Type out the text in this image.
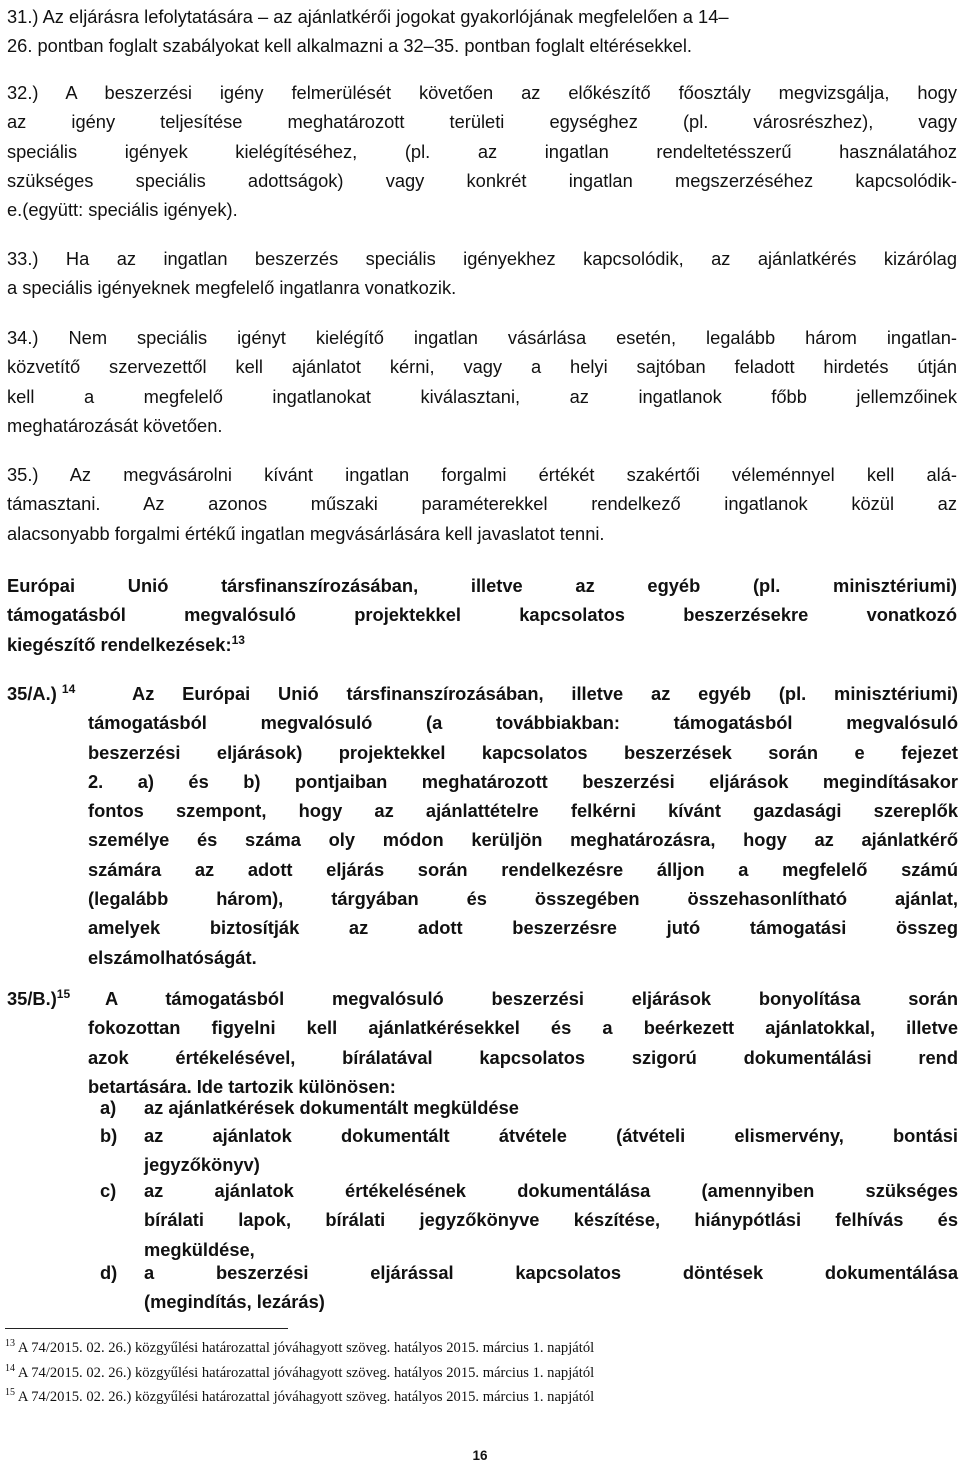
31.) Az eljárásra lefolytatására – az ajánlatkérői jogokat gyakorlójának megfelelően a 14–
26. pontban foglalt szabályokat kell alkalmazni a 32–35. pontban foglalt eltérésekkel.
32.) A beszerzési igény felmerülését követően az előkészítő főosztály megvizsgálja, hogy
az igény teljesítése meghatározott területi egységhez (pl. városrészhez), vagy
speciális igények kielégítéséhez, (pl. az ingatlan rendeltetésszerű használatához
szükséges speciális adottságok) vagy konkrét ingatlan megszerzéséhez kapcsolódik-
e.(együtt: speciális igények).
33.) Ha az ingatlan beszerzés speciális igényekhez kapcsolódik, az ajánlatkérés kizárólag
a speciális igényeknek megfelelő ingatlanra vonatkozik.
34.) Nem speciális igényt kielégítő ingatlan vásárlása esetén, legalább három ingatlan-
közvetítő szervezettől kell ajánlatot kérni, vagy a helyi sajtóban feladott hirdetés útján
kell a megfelelő ingatlanokat kiválasztani, az ingatlanok főbb jellemzőinek
meghatározását követően.
35.) Az megvásárolni kívánt ingatlan forgalmi értékét szakértői véleménnyel kell alá-
támasztani. Az azonos műszaki paraméterekkel rendelkező ingatlanok közül az
alacsonyabb forgalmi értékű ingatlan megvásárlására kell javaslatot tenni.
Európai Unió társfinanszírozásában, illetve az egyéb (pl. minisztériumi)
támogatásból megvalósuló projektekkel kapcsolatos beszerzésekre vonatkozó
kiegészítő rendelkezések:$^{13}$
35/A.) $^{14}$	Az Európai Unió társfinanszírozásában, illetve az egyéb (pl. minisztériumi)
támogatásból megvalósuló (a továbbiakban: támogatásból megvalósuló
beszerzési eljárások) projektekkel kapcsolatos beszerzések során e fejezet
2. a) és b) pontjaiban meghatározott beszerzési eljárások megindításakor
fontos szempont, hogy az ajánlattételre felkérni kívánt gazdasági szereplők
személye és száma oly módon kerüljön meghatározásra, hogy az ajánlatkérő
számára az adott eljárás során rendelkezésre álljon a megfelelő számú
(legalább három), tárgyában és összegében összehasonlítható ajánlat,
amelyek biztosítják az adott beszerzésre jutó támogatási összeg
elszámolhatóságát.
35/B.)$^{15}$	A támogatásból megvalósuló beszerzési eljárások bonyolítása során
fokozottan figyelni kell ajánlatkérésekkel és a beérkezett ajánlatokkal, illetve
azok értékelésével, bírálatával kapcsolatos szigorú dokumentálási rend
betartására. Ide tartozik különösen:
a) az ajánlatkérések dokumentált megküldése
b) az ajánlatok dokumentált átvétele (átvételi elismervény, bontási
jegyzőkönyv)
c) az ajánlatok értékelésének dokumentálása (amennyiben szükséges
bírálati lapok, bírálati jegyzőkönyve készítése, hiánypótlási felhívás és
megküldése,
d) a beszerzési eljárással kapcsolatos döntések dokumentálása
(megindítás, lezárás)
$^{13}$ A 74/2015. 02. 26.) közgyűlési határozattal jóváhagyott szöveg. hatályos 2015. március 1. napjától
$^{14}$ A 74/2015. 02. 26.) közgyűlési határozattal jóváhagyott szöveg. hatályos 2015. március 1. napjától
$^{15}$ A 74/2015. 02. 26.) közgyűlési határozattal jóváhagyott szöveg. hatályos 2015. március 1. napjától
16
